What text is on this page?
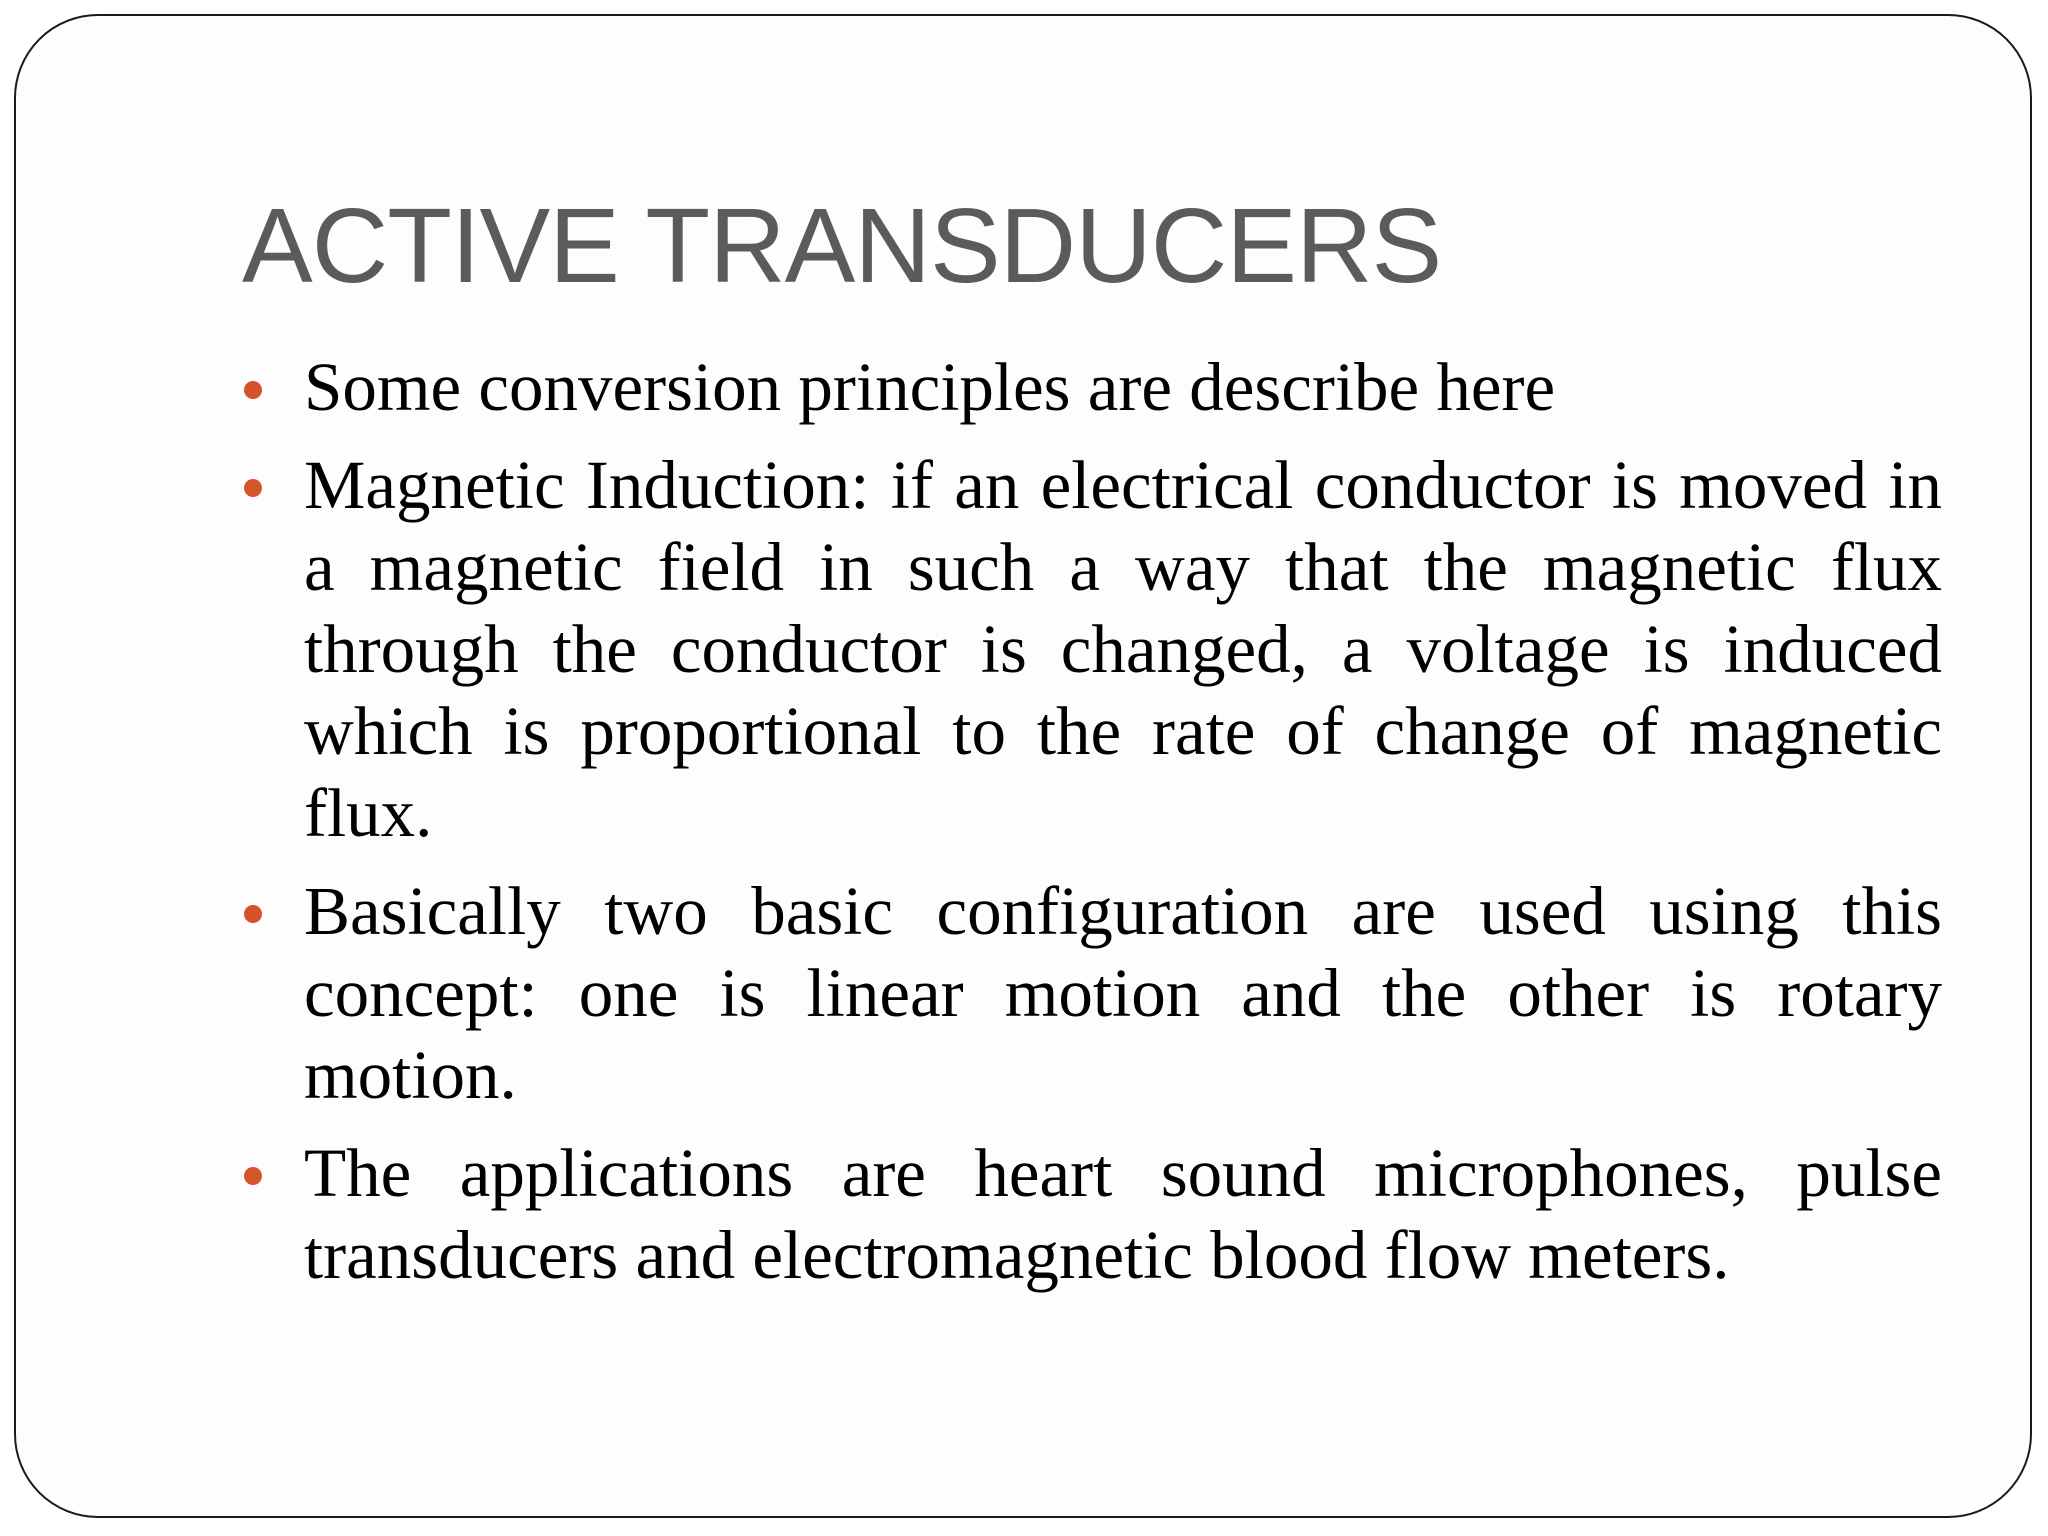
ACTIVE TRANSDUCERS
Some conversion principles are describe here
Magnetic Induction: if an electrical conductor is moved in a magnetic field in such a way that the magnetic flux through the conductor is changed, a voltage is induced which is proportional to the rate of change of magnetic flux.
Basically two basic configuration are used using this concept: one is linear motion and the other is rotary motion.
The applications are heart sound microphones, pulse transducers and electromagnetic blood flow meters.
